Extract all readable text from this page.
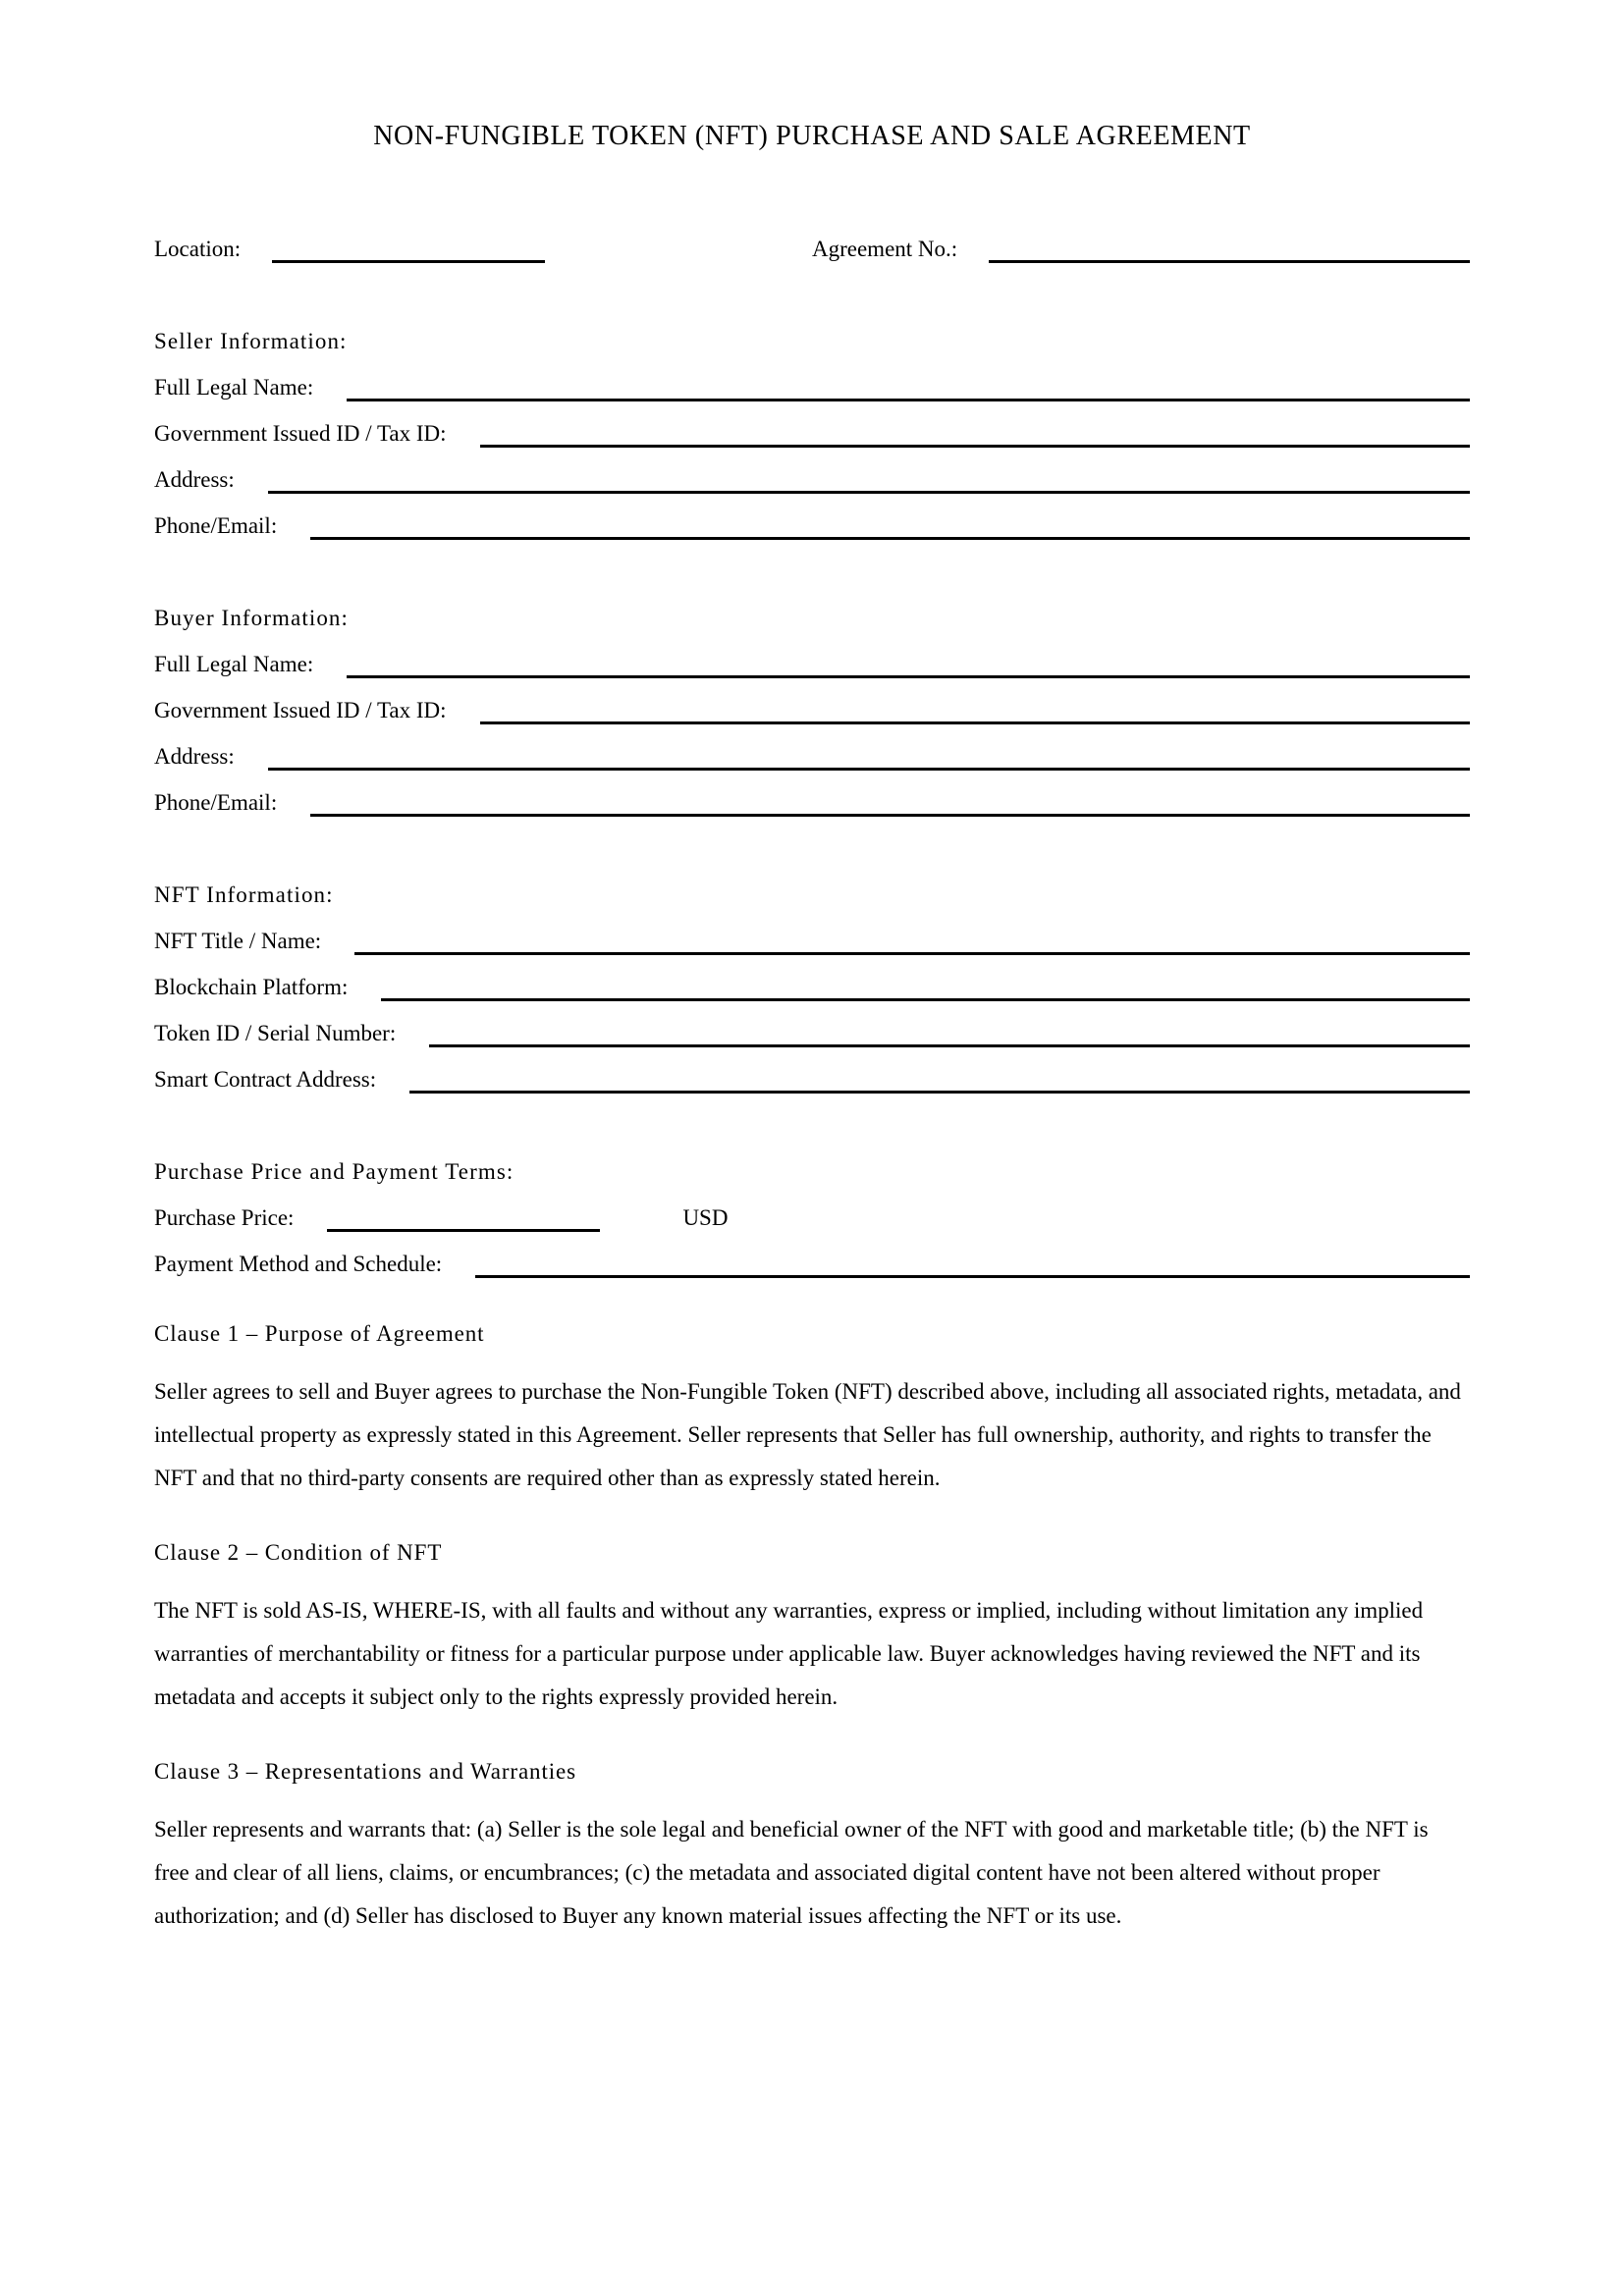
NON-FUNGIBLE TOKEN (NFT) PURCHASE AND SALE AGREEMENT
Location:	Agreement No.:
Seller Information:
Full Legal Name:
Government Issued ID / Tax ID:
Address:
Phone/Email:
Buyer Information:
Full Legal Name:
Government Issued ID / Tax ID:
Address:
Phone/Email:
NFT Information:
NFT Title / Name:
Blockchain Platform:
Token ID / Serial Number:
Smart Contract Address:
Purchase Price and Payment Terms:
Purchase Price:	USD
Payment Method and Schedule:
Clause 1 – Purpose of Agreement
Seller agrees to sell and Buyer agrees to purchase the Non-Fungible Token (NFT) described above, including all associated rights, metadata, and intellectual property as expressly stated in this Agreement. Seller represents that Seller has full ownership, authority, and rights to transfer the NFT and that no third-party consents are required other than as expressly stated herein.
Clause 2 – Condition of NFT
The NFT is sold AS-IS, WHERE-IS, with all faults and without any warranties, express or implied, including without limitation any implied warranties of merchantability or fitness for a particular purpose under applicable law. Buyer acknowledges having reviewed the NFT and its metadata and accepts it subject only to the rights expressly provided herein.
Clause 3 – Representations and Warranties
Seller represents and warrants that: (a) Seller is the sole legal and beneficial owner of the NFT with good and marketable title; (b) the NFT is free and clear of all liens, claims, or encumbrances; (c) the metadata and associated digital content have not been altered without proper authorization; and (d) Seller has disclosed to Buyer any known material issues affecting the NFT or its use.
